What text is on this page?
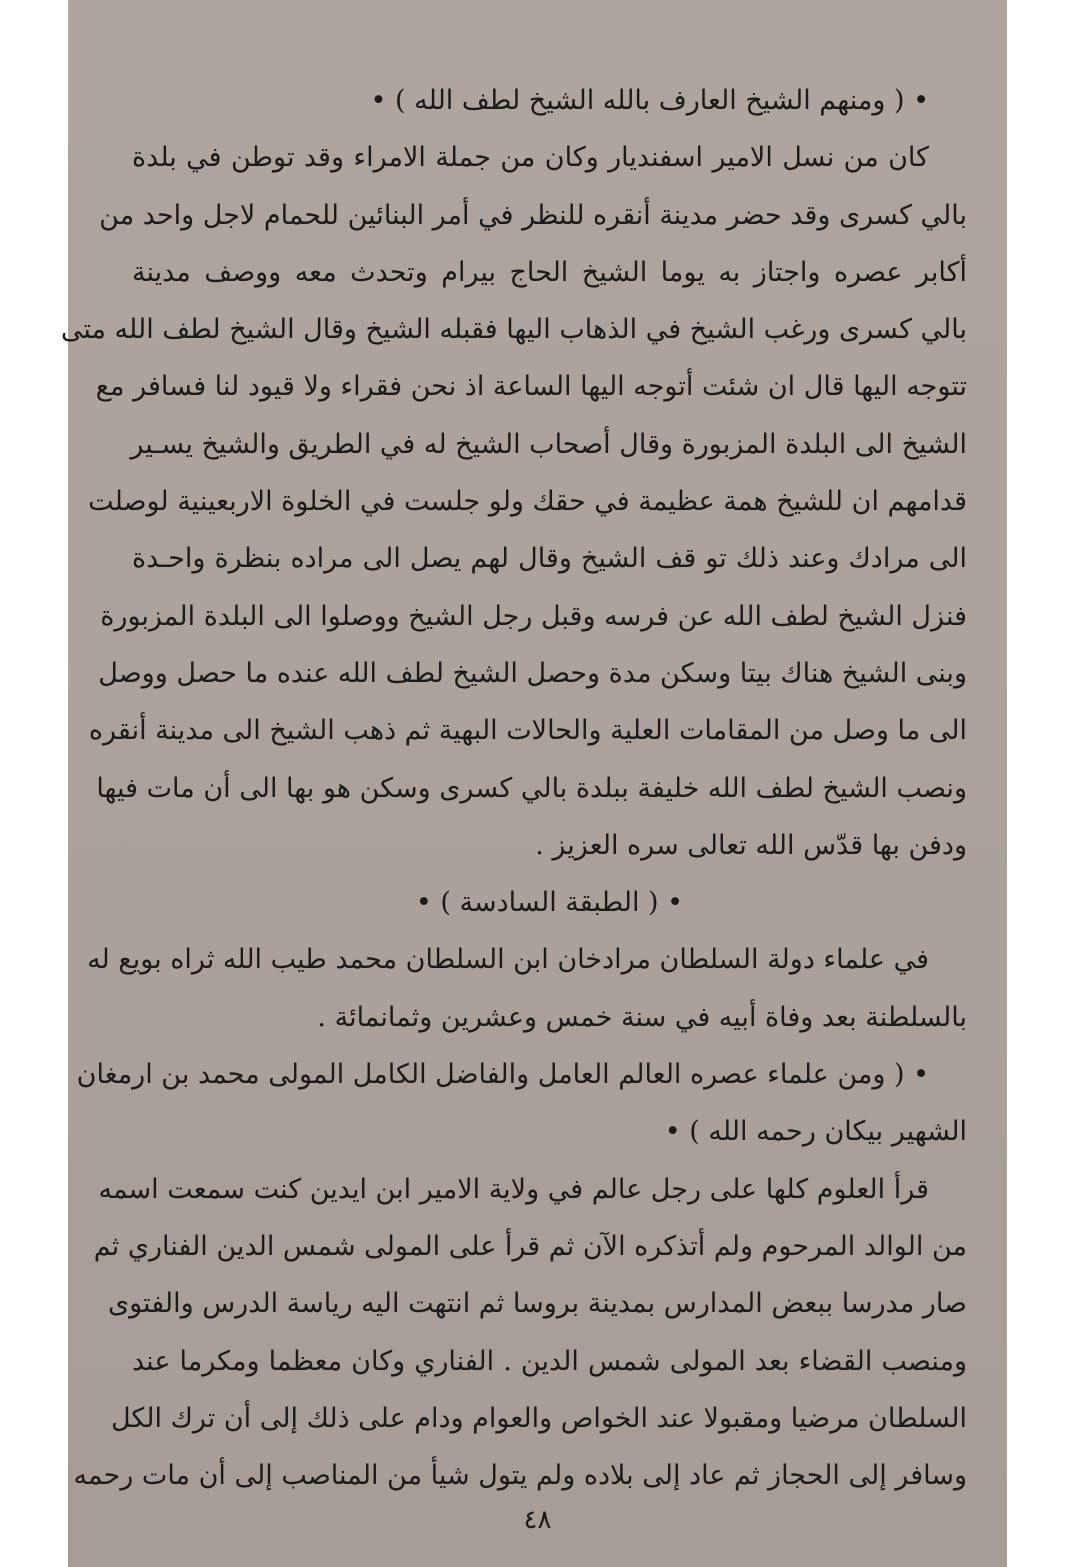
• ( ومنهم الشيخ العارف بالله الشيخ لطف الله ) •
كان من نسل الامير اسفنديار وكان من جملة الامراء وقد توطن في بلدة
بالي كسرى وقد حضر مدينة أنقره للنظر في أمر البنائين للحمام لاجل واحد من
أكابر عصره واجتاز به يوما الشيخ الحاج بيرام وتحدث معه ووصف مدينة
بالي كسرى ورغب الشيخ في الذهاب اليها فقبله الشيخ وقال الشيخ لطف الله متى
تتوجه اليها قال ان شئت أتوجه اليها الساعة اذ نحن فقراء ولا قيود لنا فسافر مع
الشيخ الى البلدة المزبورة وقال أصحاب الشيخ له في الطريق والشيخ يسـير
قدامهم ان للشيخ همة عظيمة في حقك ولو جلست في الخلوة الاربعينية لوصلت
الى مرادك وعند ذلك تو قف الشيخ وقال لهم يصل الى مراده بنظرة واحـدة
فنزل الشيخ لطف الله عن فرسه وقبل رجل الشيخ ووصلوا الى البلدة المزبورة
وبنى الشيخ هناك بيتا وسكن مدة وحصل الشيخ لطف الله عنده ما حصل ووصل
الى ما وصل من المقامات العلية والحالات البهية ثم ذهب الشيخ الى مدينة أنقره
ونصب الشيخ لطف الله خليفة ببلدة بالي كسرى وسكن هو بها الى أن مات فيها
ودفن بها قدّس الله تعالى سره العزيز .
• ( الطبقة السادسة ) •
في علماء دولة السلطان مرادخان ابن السلطان محمد طيب الله ثراه بويع له
بالسلطنة بعد وفاة أبيه في سنة خمس وعشرين وثمانمائة .
• ( ومن علماء عصره العالم العامل والفاضل الكامل المولى محمد بن ارمغان
الشهير بيكان رحمه الله ) •
قرأ العلوم كلها على رجل عالم في ولاية الامير ابن ايدين كنت سمعت اسمه
من الوالد المرحوم ولم أتذكره الآن ثم قرأ على المولى شمس الدين الفناري ثم
صار مدرسا ببعض المدارس بمدينة بروسا ثم انتهت اليه رياسة الدرس والفتوى
ومنصب القضاء بعد المولى شمس الدين . الفناري وكان معظما ومكرما عند
السلطان مرضيا ومقبولا عند الخواص والعوام ودام على ذلك إلى أن ترك الكل
وسافر إلى الحجاز ثم عاد إلى بلاده ولم يتول شيأ من المناصب إلى أن مات رحمه
٤٨
